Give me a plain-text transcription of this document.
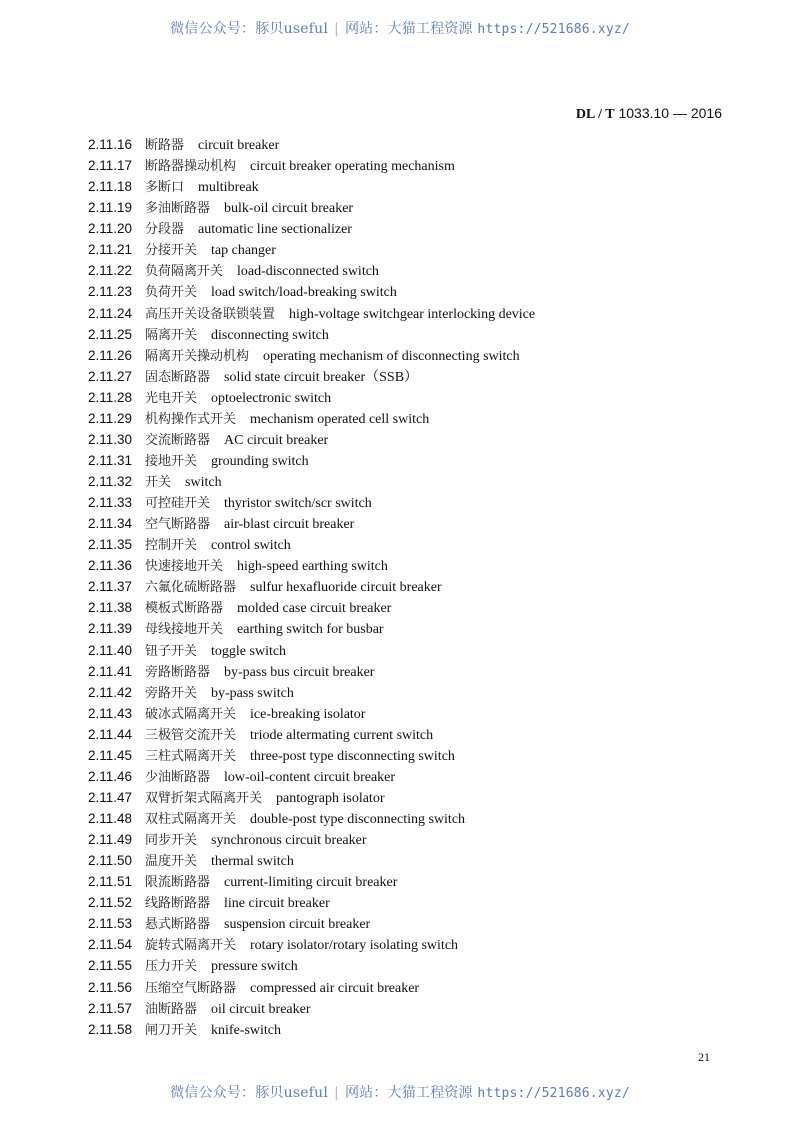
微信公众号：豚贝useful | 网站：大猫工程资源 https://521686.xyz/
DL / T 1033.10 — 2016
2.11.16 断路器 circuit breaker
2.11.17 断路器操动机构 circuit breaker operating mechanism
2.11.18 多断口 multibreak
2.11.19 多油断路器 bulk-oil circuit breaker
2.11.20 分段器 automatic line sectionalizer
2.11.21 分接开关 tap changer
2.11.22 负荷隔离开关 load-disconnected switch
2.11.23 负荷开关 load switch/load-breaking switch
2.11.24 高压开关设备联锁装置 high-voltage switchgear interlocking device
2.11.25 隔离开关 disconnecting switch
2.11.26 隔离开关操动机构 operating mechanism of disconnecting switch
2.11.27 固态断路器 solid state circuit breaker（SSB）
2.11.28 光电开关 optoelectronic switch
2.11.29 机构操作式开关 mechanism operated cell switch
2.11.30 交流断路器 AC circuit breaker
2.11.31 接地开关 grounding switch
2.11.32 开关 switch
2.11.33 可控硅开关 thyristor switch/scr switch
2.11.34 空气断路器 air-blast circuit breaker
2.11.35 控制开关 control switch
2.11.36 快速接地开关 high-speed earthing switch
2.11.37 六氟化硫断路器 sulfur hexafluoride circuit breaker
2.11.38 模板式断路器 molded case circuit breaker
2.11.39 母线接地开关 earthing switch for busbar
2.11.40 钮子开关 toggle switch
2.11.41 旁路断路器 by-pass bus circuit breaker
2.11.42 旁路开关 by-pass switch
2.11.43 破冰式隔离开关 ice-breaking isolator
2.11.44 三极管交流开关 triode altermating current switch
2.11.45 三柱式隔离开关 three-post type disconnecting switch
2.11.46 少油断路器 low-oil-content circuit breaker
2.11.47 双臂折架式隔离开关 pantograph isolator
2.11.48 双柱式隔离开关 double-post type disconnecting switch
2.11.49 同步开关 synchronous circuit breaker
2.11.50 温度开关 thermal switch
2.11.51 限流断路器 current-limiting circuit breaker
2.11.52 线路断路器 line circuit breaker
2.11.53 悬式断路器 suspension circuit breaker
2.11.54 旋转式隔离开关 rotary isolator/rotary isolating switch
2.11.55 压力开关 pressure switch
2.11.56 压缩空气断路器 compressed air circuit breaker
2.11.57 油断路器 oil circuit breaker
2.11.58 闸刀开关 knife-switch
21
微信公众号：豚贝useful | 网站：大猫工程资源 https://521686.xyz/
